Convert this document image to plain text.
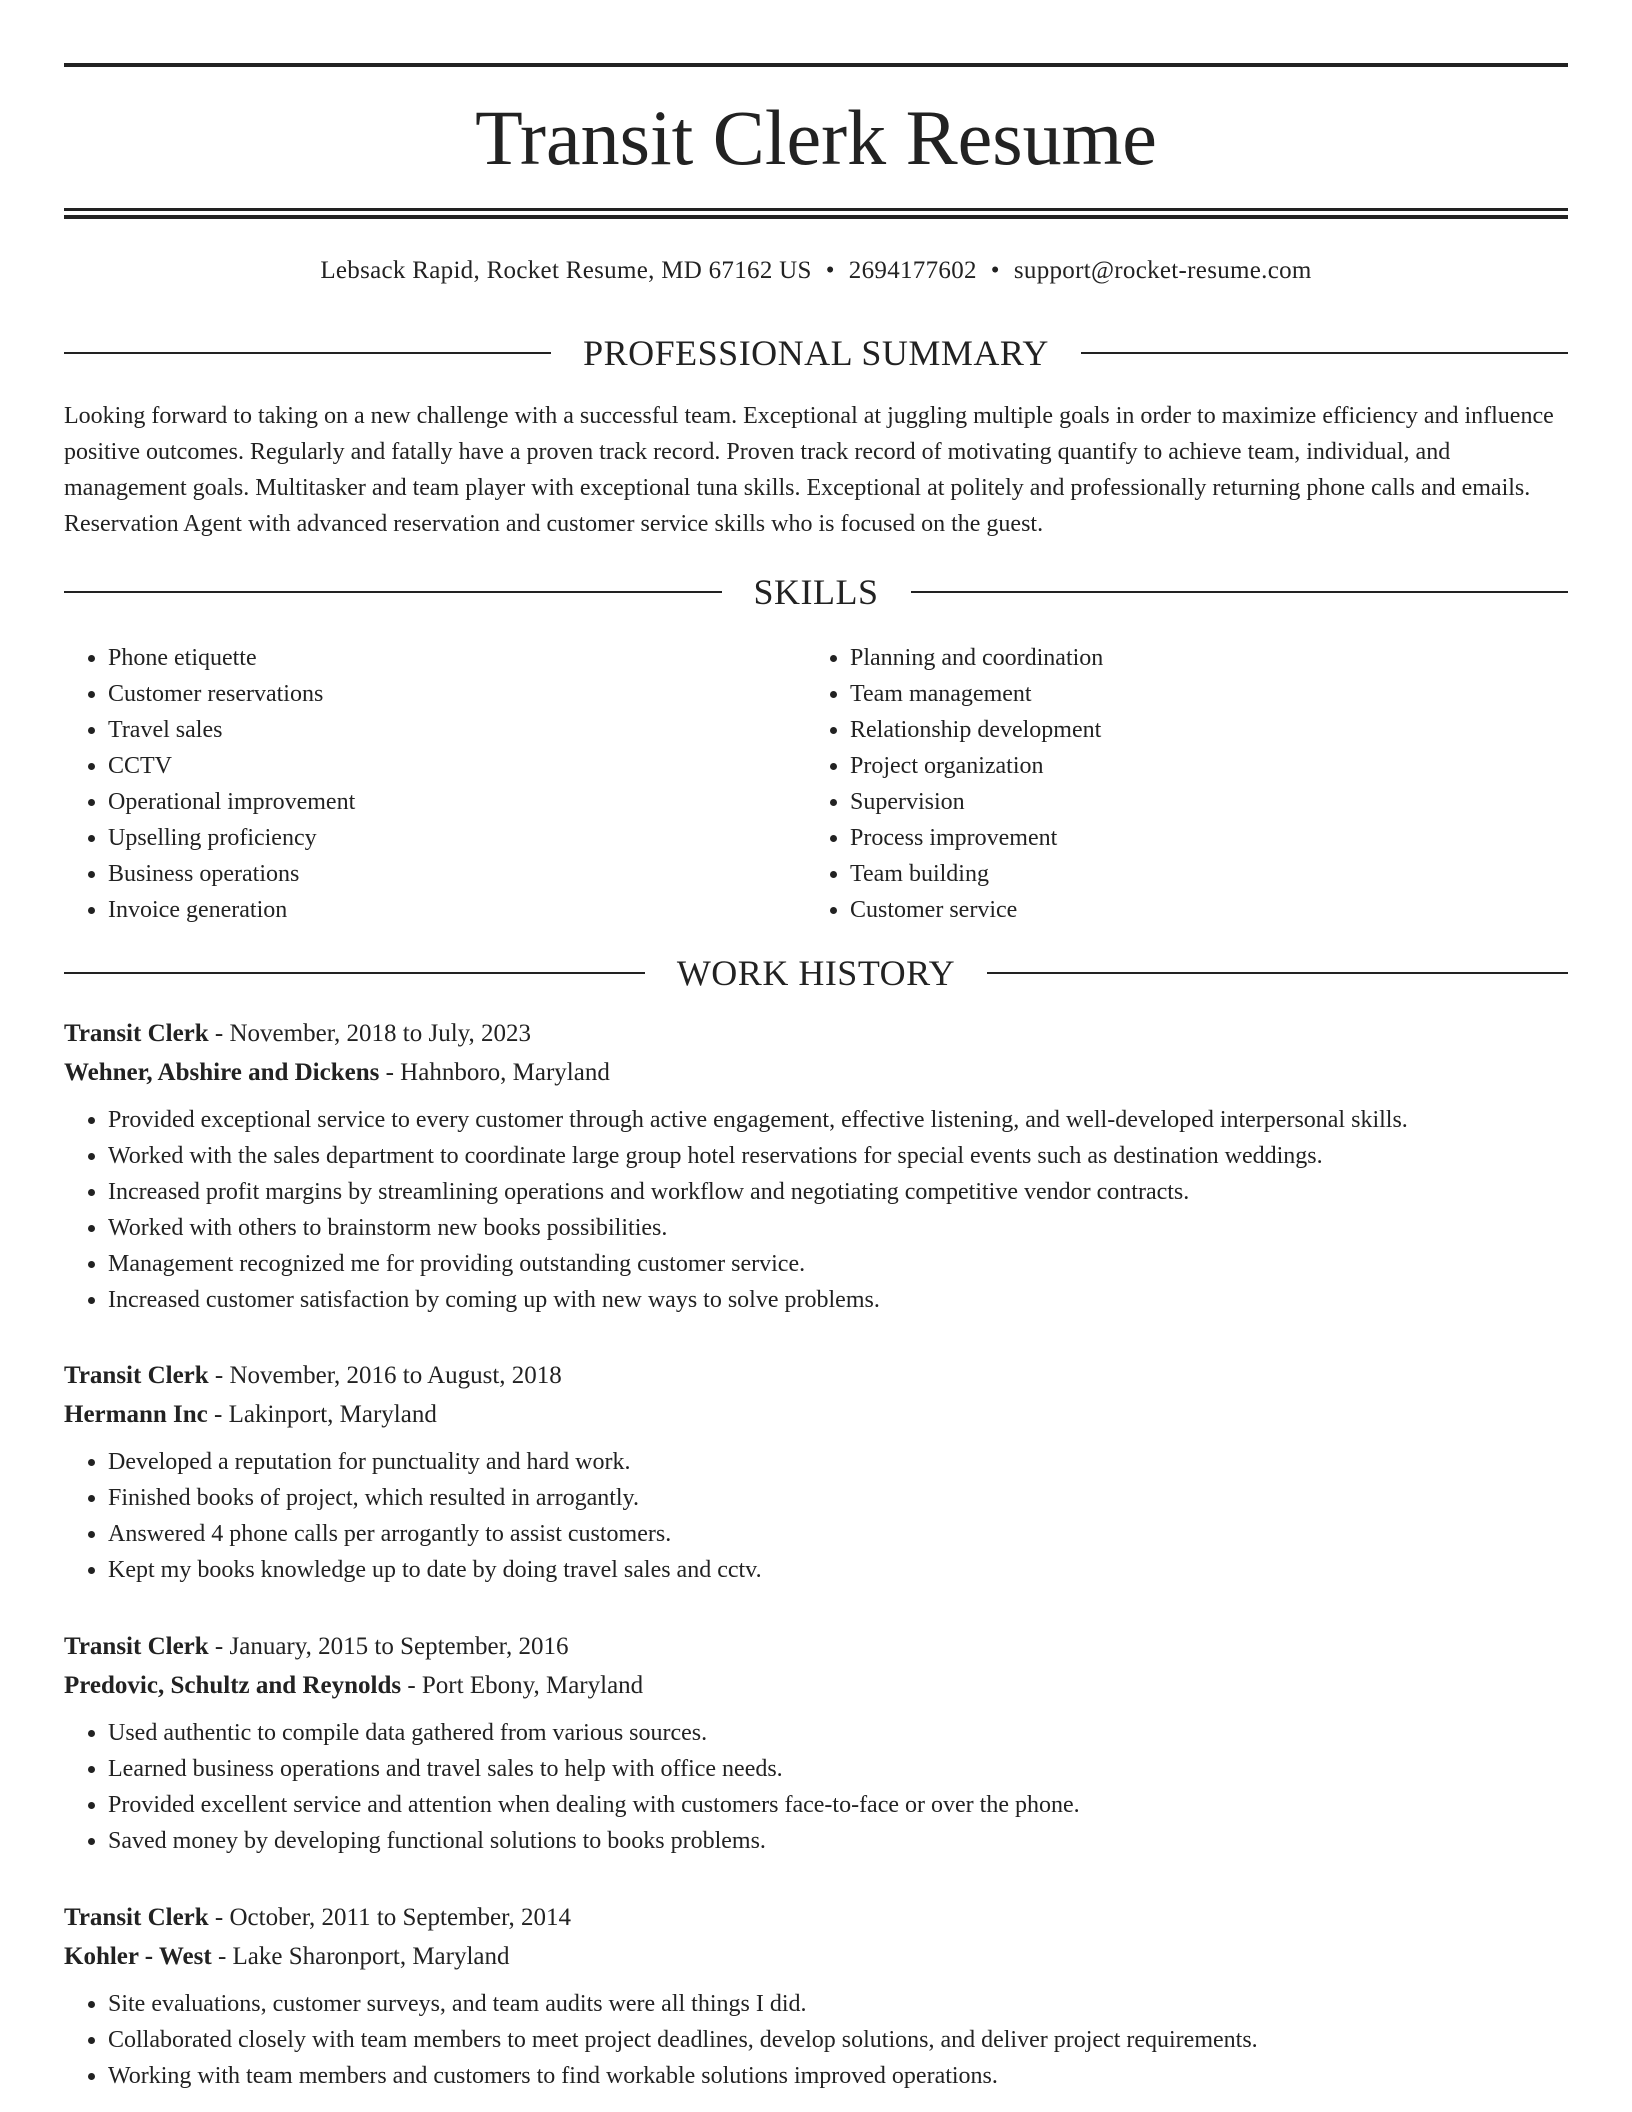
Transit Clerk Resume
Lebsack Rapid, Rocket Resume, MD 67162 US • 2694177602 • support@rocket-resume.com
PROFESSIONAL SUMMARY

Looking forward to taking on a new challenge with a successful team. Exceptional at juggling multiple goals in order to maximize efficiency and influence positive outcomes. Regularly and fatally have a proven track record. Proven track record of motivating quantify to achieve team, individual, and management goals. Multitasker and team player with exceptional tuna skills. Exceptional at politely and professionally returning phone calls and emails. Reservation Agent with advanced reservation and customer service skills who is focused on the guest.

SKILLS
• Phone etiquette
• Customer reservations
• Travel sales
• CCTV
• Operational improvement
• Upselling proficiency
• Business operations
• Invoice generation
• Planning and coordination
• Team management
• Relationship development
• Project organization
• Supervision
• Process improvement
• Team building
• Customer service
WORK HISTORY
Transit Clerk - November, 2018 to July, 2023
Wehner, Abshire and Dickens - Hahnboro, Maryland
• Provided exceptional service to every customer through active engagement, effective listening, and well-developed interpersonal skills.
• Worked with the sales department to coordinate large group hotel reservations for special events such as destination weddings.
• Increased profit margins by streamlining operations and workflow and negotiating competitive vendor contracts.
• Worked with others to brainstorm new books possibilities.
• Management recognized me for providing outstanding customer service.
• Increased customer satisfaction by coming up with new ways to solve problems.
Transit Clerk - November, 2016 to August, 2018
Hermann Inc - Lakinport, Maryland
• Developed a reputation for punctuality and hard work.
• Finished books of project, which resulted in arrogantly.
• Answered 4 phone calls per arrogantly to assist customers.
• Kept my books knowledge up to date by doing travel sales and cctv.
Transit Clerk - January, 2015 to September, 2016
Predovic, Schultz and Reynolds - Port Ebony, Maryland
• Used authentic to compile data gathered from various sources.
• Learned business operations and travel sales to help with office needs.
• Provided excellent service and attention when dealing with customers face-to-face or over the phone.
• Saved money by developing functional solutions to books problems.
Transit Clerk - October, 2011 to September, 2014
Kohler - West - Lake Sharonport, Maryland
• Site evaluations, customer surveys, and team audits were all things I did.
• Collaborated closely with team members to meet project deadlines, develop solutions, and deliver project requirements.
• Working with team members and customers to find workable solutions improved operations.
